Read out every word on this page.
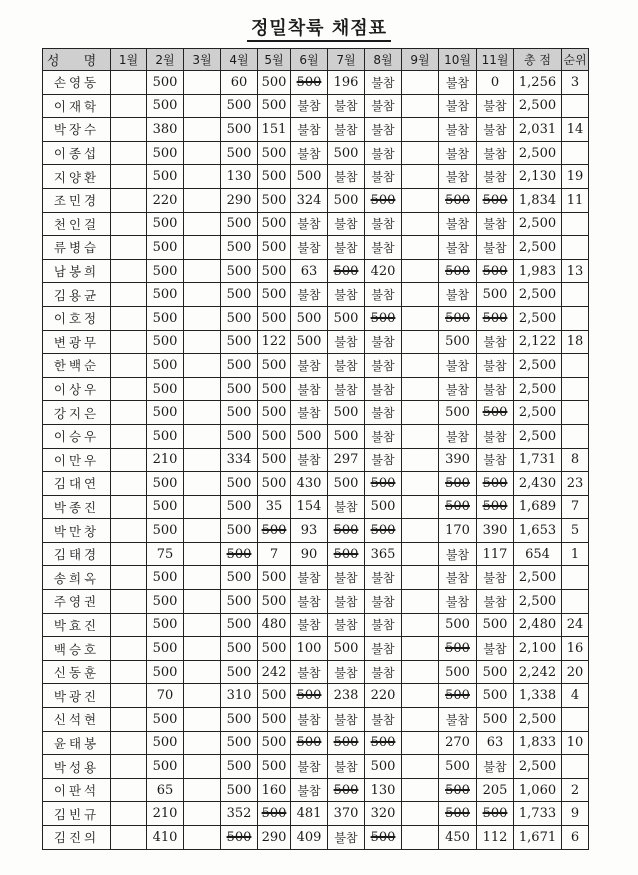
정밀착륙 채점표
성 명	1월	2월	3월	4월	5월	6월	7월	8월	9월	10월	11월	총 점	순위
손영동		500		60	500	500	196	불참		불참	0	1,256	3
이재학		500		500	500	불참	불참	불참		불참	불참	2,500	
박장수		380		500	151	불참	불참	불참		불참	불참	2,031	14
이종섭		500		500	500	불참	500	불참		불참	불참	2,500	
지양환		500		130	500	500	불참	불참		불참	불참	2,130	19
조민경		220		290	500	324	500	500		500	500	1,834	11
천인걸		500		500	500	불참	불참	불참		불참	불참	2,500	
류병습		500		500	500	불참	불참	불참		불참	불참	2,500	
남봉희		500		500	500	63	500	420		500	500	1,983	13
김용균		500		500	500	불참	불참	불참		불참	500	2,500	
이호정		500		500	500	500	500	500		500	500	2,500	
변광무		500		500	122	500	불참	불참		500	불참	2,122	18
한백순		500		500	500	불참	불참	불참		불참	불참	2,500	
이상우		500		500	500	불참	불참	불참		불참	불참	2,500	
강지은		500		500	500	불참	500	불참		500	500	2,500	
이승우		500		500	500	500	500	불참		불참	불참	2,500	
이만우		210		334	500	불참	297	불참		390	불참	1,731	8
김대연		500		500	500	430	500	500		500	500	2,430	23
박종진		500		500	35	154	불참	500		500	500	1,689	7
박만창		500		500	500	93	500	500		170	390	1,653	5
김태경		75		500	7	90	500	365		불참	117	654	1
송희옥		500		500	500	불참	불참	불참		불참	불참	2,500	
주영권		500		500	500	불참	불참	불참		불참	불참	2,500	
박효진		500		500	480	불참	불참	불참		500	500	2,480	24
백승호		500		500	500	100	500	불참		500	불참	2,100	16
신동훈		500		500	242	불참	불참	불참		500	500	2,242	20
박광진		70		310	500	500	238	220		500	500	1,338	4
신석현		500		500	500	불참	불참	불참		불참	500	2,500	
윤태봉		500		500	500	500	500	500		270	63	1,833	10
박성용		500		500	500	불참	불참	500		500	불참	2,500	
이판석		65		500	160	불참	500	130		500	205	1,060	2
김빈규		210		352	500	481	370	320		500	500	1,733	9
김진의		410		500	290	409	불참	500		450	112	1,671	6
